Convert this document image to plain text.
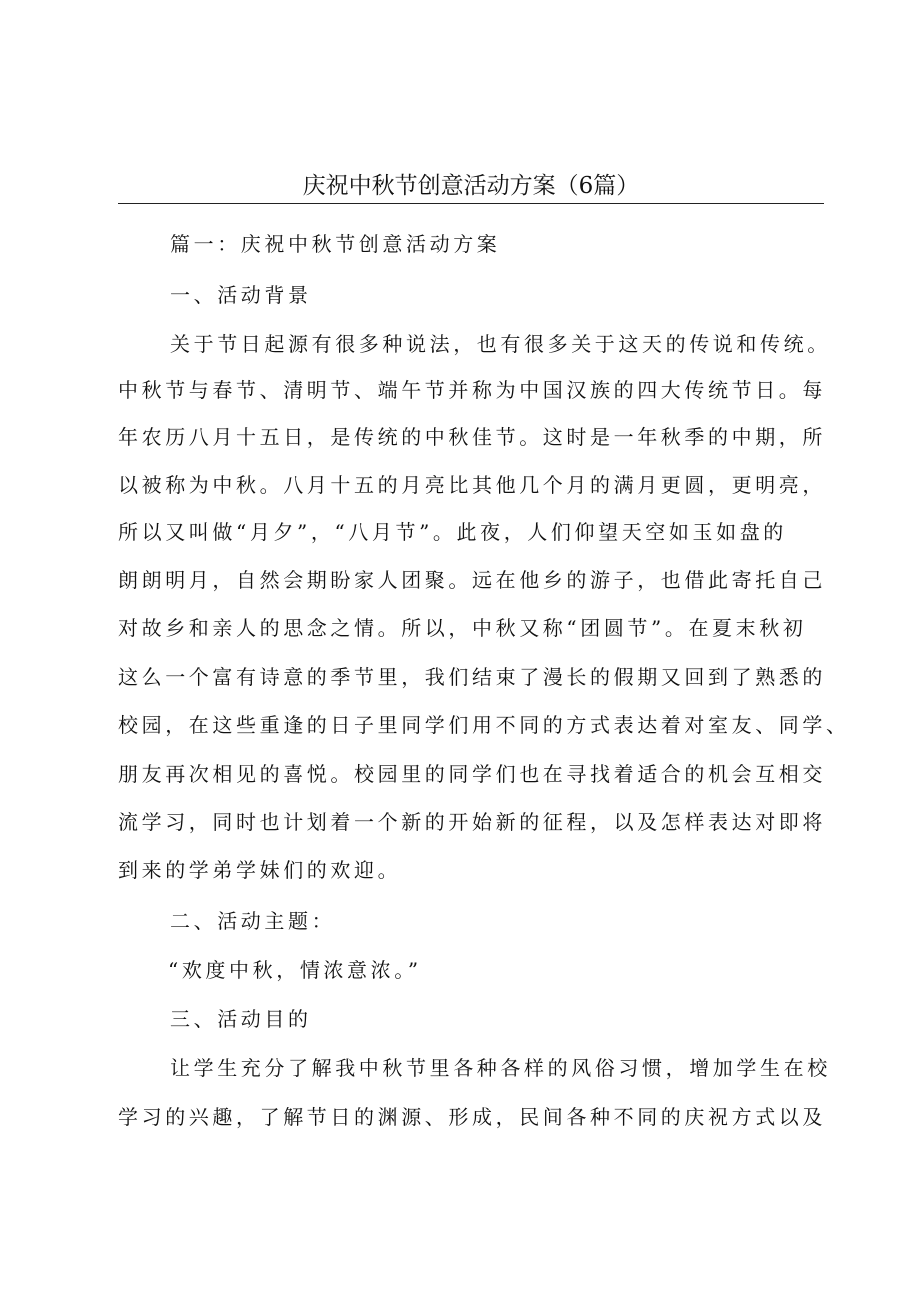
庆祝中秋节创意活动方案（6篇）
篇一：庆祝中秋节创意活动方案
一、活动背景
关于节日起源有很多种说法，也有很多关于这天的传说和传统。
中秋节与春节、清明节、端午节并称为中国汉族的四大传统节日。每
年农历八月十五日，是传统的中秋佳节。这时是一年秋季的中期，所
以被称为中秋。八月十五的月亮比其他几个月的满月更圆，更明亮，
所以又叫做“月夕”，“八月节”。此夜，人们仰望天空如玉如盘的
朗朗明月，自然会期盼家人团聚。远在他乡的游子，也借此寄托自己
对故乡和亲人的思念之情。所以，中秋又称“团圆节”。在夏末秋初
这么一个富有诗意的季节里，我们结束了漫长的假期又回到了熟悉的
校园，在这些重逢的日子里同学们用不同的方式表达着对室友、同学、
朋友再次相见的喜悦。校园里的同学们也在寻找着适合的机会互相交
流学习，同时也计划着一个新的开始新的征程，以及怎样表达对即将
到来的学弟学妹们的欢迎。
二、活动主题：
“欢度中秋，情浓意浓。”
三、活动目的
让学生充分了解我中秋节里各种各样的风俗习惯，增加学生在校
学习的兴趣，了解节日的渊源、形成，民间各种不同的庆祝方式以及
